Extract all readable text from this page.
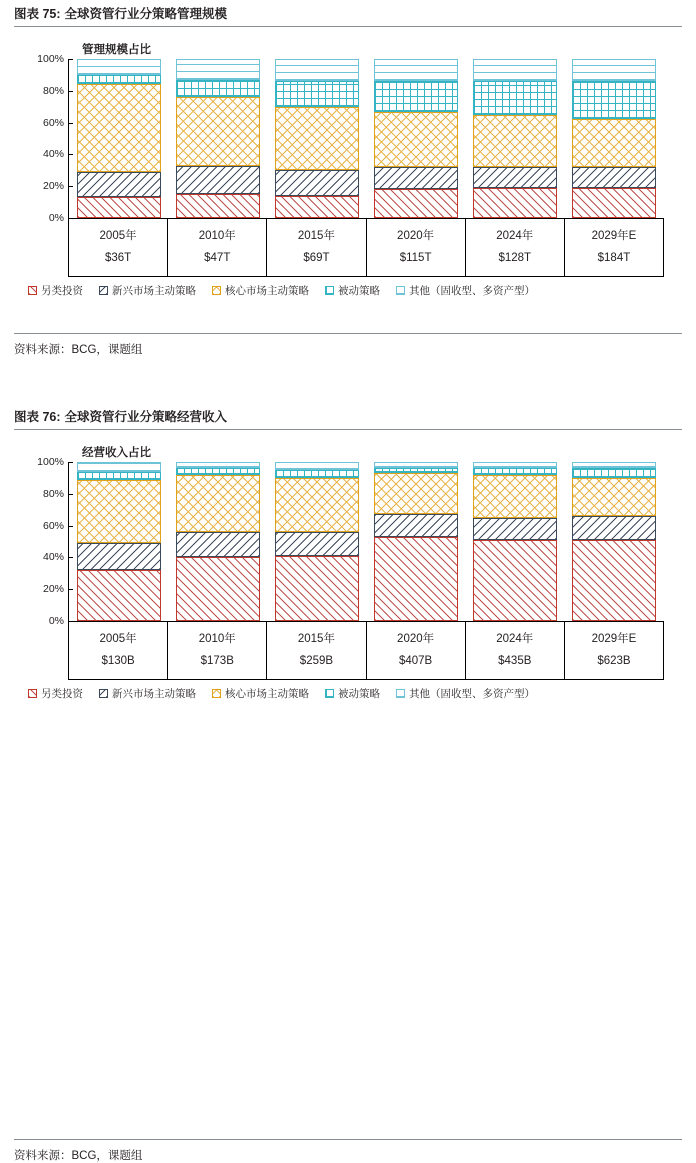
图表 75: 全球资管行业分策略管理规模
管理规模占比
100%
80%
60%
40%
20%
0%
2005年
$36T
2010年
$47T
2015年
$69T
2020年
$115T
2024年
$128T
2029年E
$184T
另类投资	新兴市场主动策略	核心市场主动策略	被动策略	其他（固收型、多资产型）
资料来源：BCG，课题组
图表 76: 全球资管行业分策略经营收入
经营收入占比
100%
80%
60%
40%
20%
0%
2005年
$130B
2010年
$173B
2015年
$259B
2020年
$407B
2024年
$435B
2029年E
$623B
另类投资	新兴市场主动策略	核心市场主动策略	被动策略	其他（固收型、多资产型）
资料来源：BCG，课题组
